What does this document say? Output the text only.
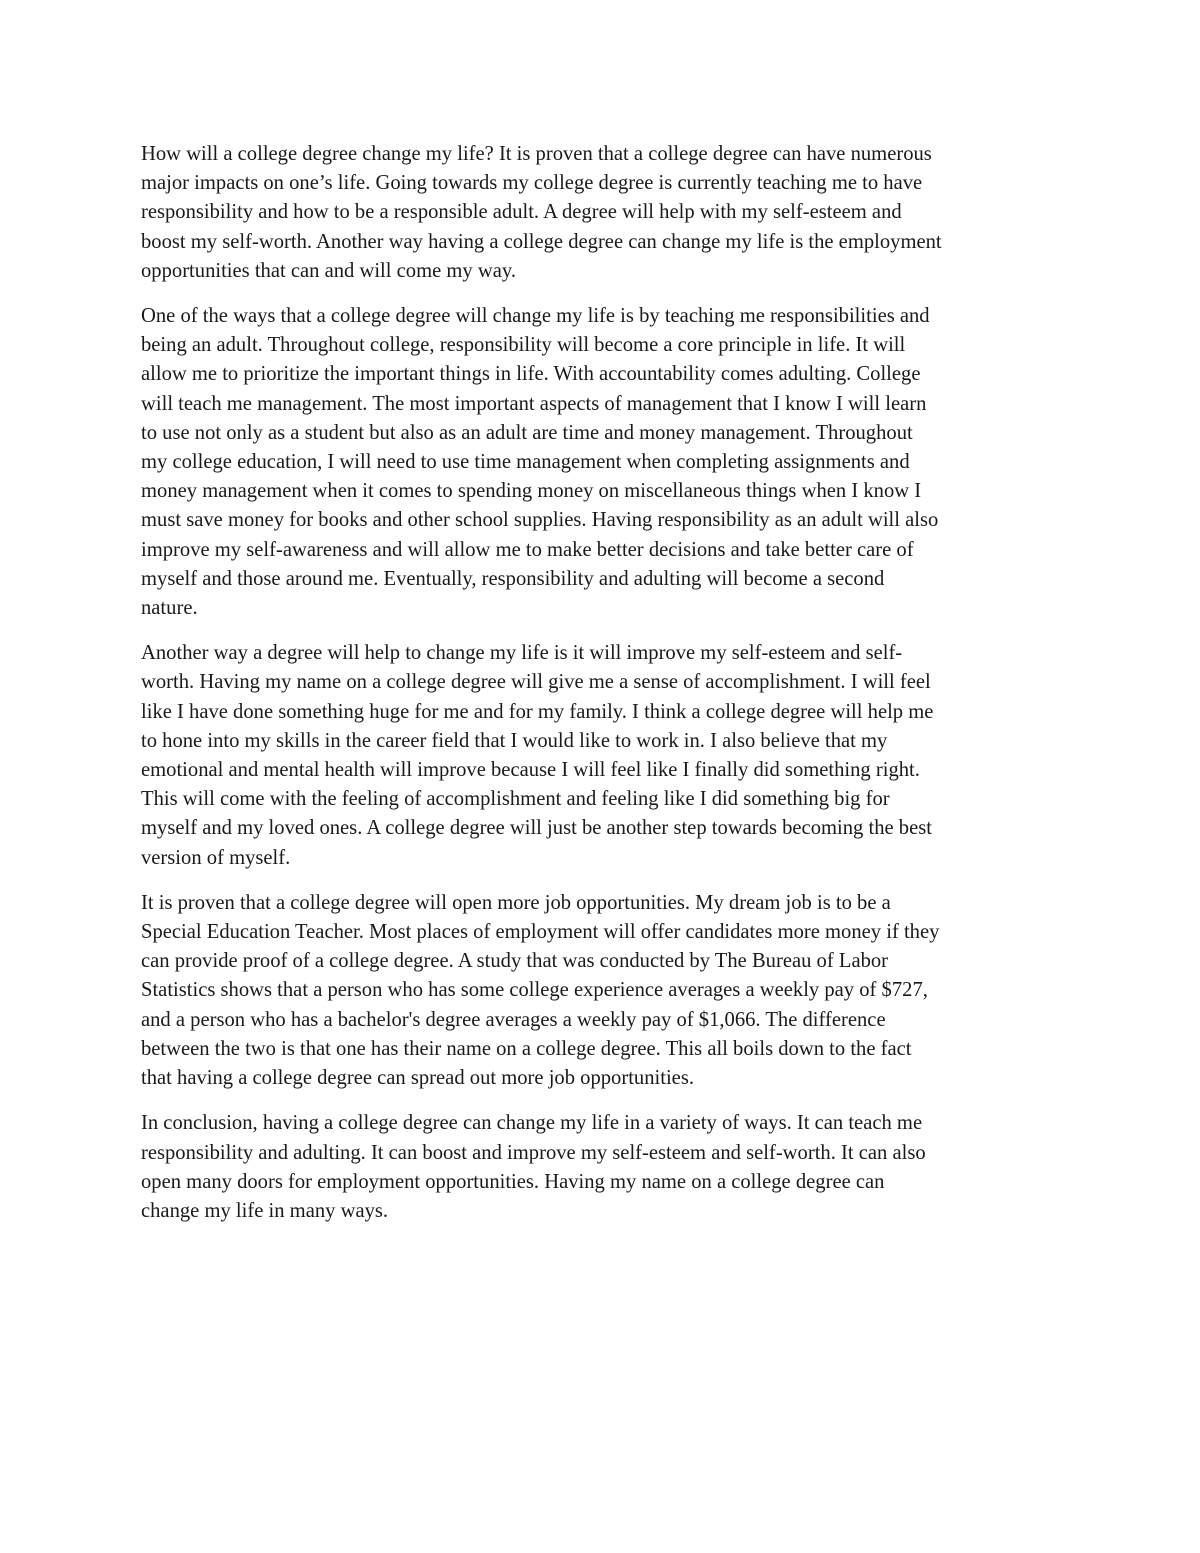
How will a college degree change my life? It is proven that a college degree can have numerous
major impacts on one’s life. Going towards my college degree is currently teaching me to have
responsibility and how to be a responsible adult. A degree will help with my self-esteem and
boost my self-worth. Another way having a college degree can change my life is the employment
opportunities that can and will come my way.

One of the ways that a college degree will change my life is by teaching me responsibilities and
being an adult. Throughout college, responsibility will become a core principle in life. It will
allow me to prioritize the important things in life. With accountability comes adulting. College
will teach me management. The most important aspects of management that I know I will learn
to use not only as a student but also as an adult are time and money management. Throughout
my college education, I will need to use time management when completing assignments and
money management when it comes to spending money on miscellaneous things when I know I
must save money for books and other school supplies. Having responsibility as an adult will also
improve my self-awareness and will allow me to make better decisions and take better care of
myself and those around me. Eventually, responsibility and adulting will become a second
nature.

Another way a degree will help to change my life is it will improve my self-esteem and self-
worth. Having my name on a college degree will give me a sense of accomplishment. I will feel
like I have done something huge for me and for my family. I think a college degree will help me
to hone into my skills in the career field that I would like to work in. I also believe that my
emotional and mental health will improve because I will feel like I finally did something right.
This will come with the feeling of accomplishment and feeling like I did something big for
myself and my loved ones. A college degree will just be another step towards becoming the best
version of myself.

It is proven that a college degree will open more job opportunities. My dream job is to be a
Special Education Teacher. Most places of employment will offer candidates more money if they
can provide proof of a college degree. A study that was conducted by The Bureau of Labor
Statistics shows that a person who has some college experience averages a weekly pay of $727,
and a person who has a bachelor's degree averages a weekly pay of $1,066. The difference
between the two is that one has their name on a college degree. This all boils down to the fact
that having a college degree can spread out more job opportunities.

In conclusion, having a college degree can change my life in a variety of ways. It can teach me
responsibility and adulting. It can boost and improve my self-esteem and self-worth. It can also
open many doors for employment opportunities. Having my name on a college degree can
change my life in many ways.
